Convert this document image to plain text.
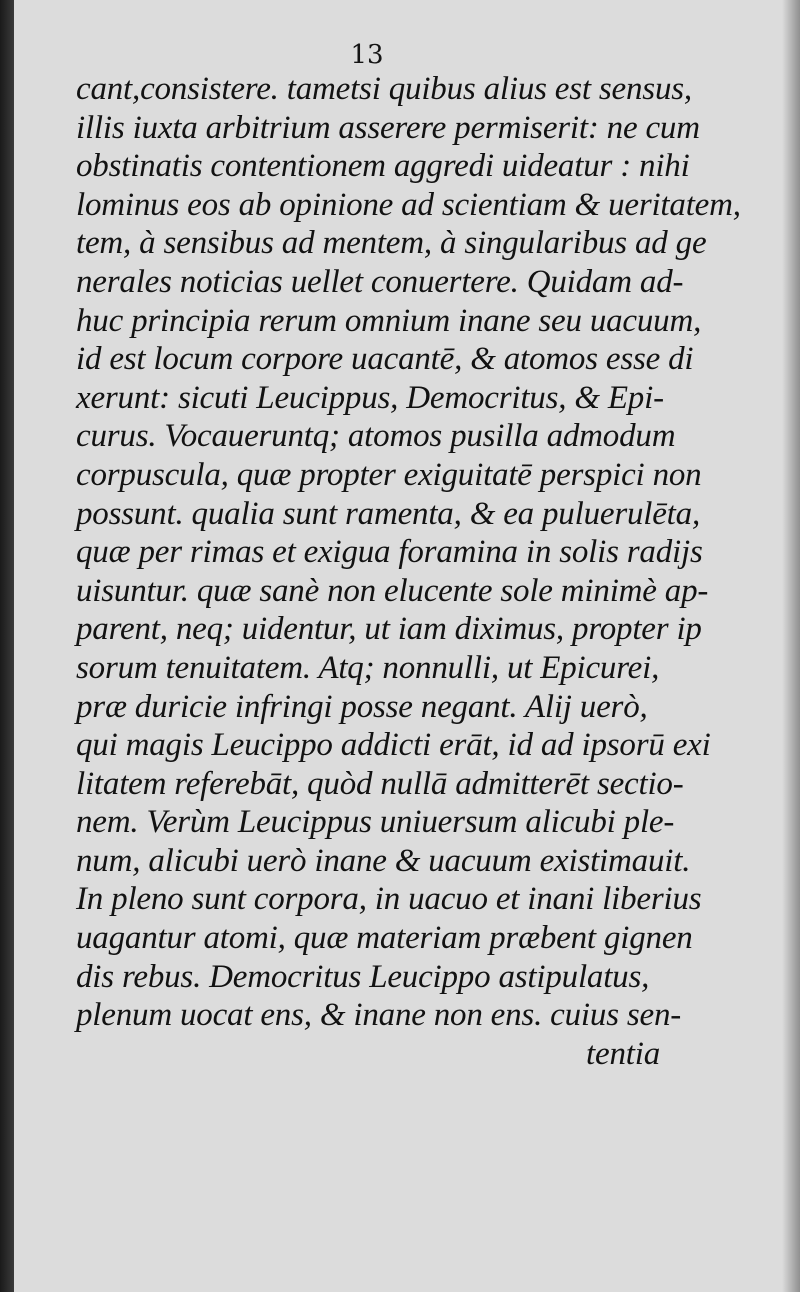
13
cant,consistere. tametsi quibus alius est sensus,
illis iuxta arbitrium asserere permiserit: ne cum
obstinatis contentionem aggredi uideatur : nihi
lominus eos ab opinione ad scientiam & ueritatem,
tem, à sensibus ad mentem, à singularibus ad ge
nerales noticias uellet conuertere. Quidam ad-
huc principia rerum omnium inane seu uacuum,
id est locum corpore uacantē, & atomos esse di
xerunt: sicuti Leucippus, Democritus, & Epi-
curus. Vocaueruntq; atomos pusilla admodum
corpuscula, quæ propter exiguitatē perspici non
possunt. qualia sunt ramenta, & ea puluerulēta,
quæ per rimas et exigua foramina in solis radijs
uisuntur. quæ sanè non elucente sole minimè ap-
parent, neq; uidentur, ut iam diximus, propter ip
sorum tenuitatem. Atq; nonnulli, ut Epicurei,
præ duricie infringi posse negant. Alij uerò,
qui magis Leucippo addicti erāt, id ad ipsorū exi
litatem referebāt, quòd nullā admitterēt sectio-
nem. Verùm Leucippus uniuersum alicubi ple-
num, alicubi uerò inane & uacuum existimauit.
In pleno sunt corpora, in uacuo et inani liberius
uagantur atomi, quæ materiam præbent gignen
dis rebus. Democritus Leucippo astipulatus,
plenum uocat ens, & inane non ens. cuius sen-
tentia
